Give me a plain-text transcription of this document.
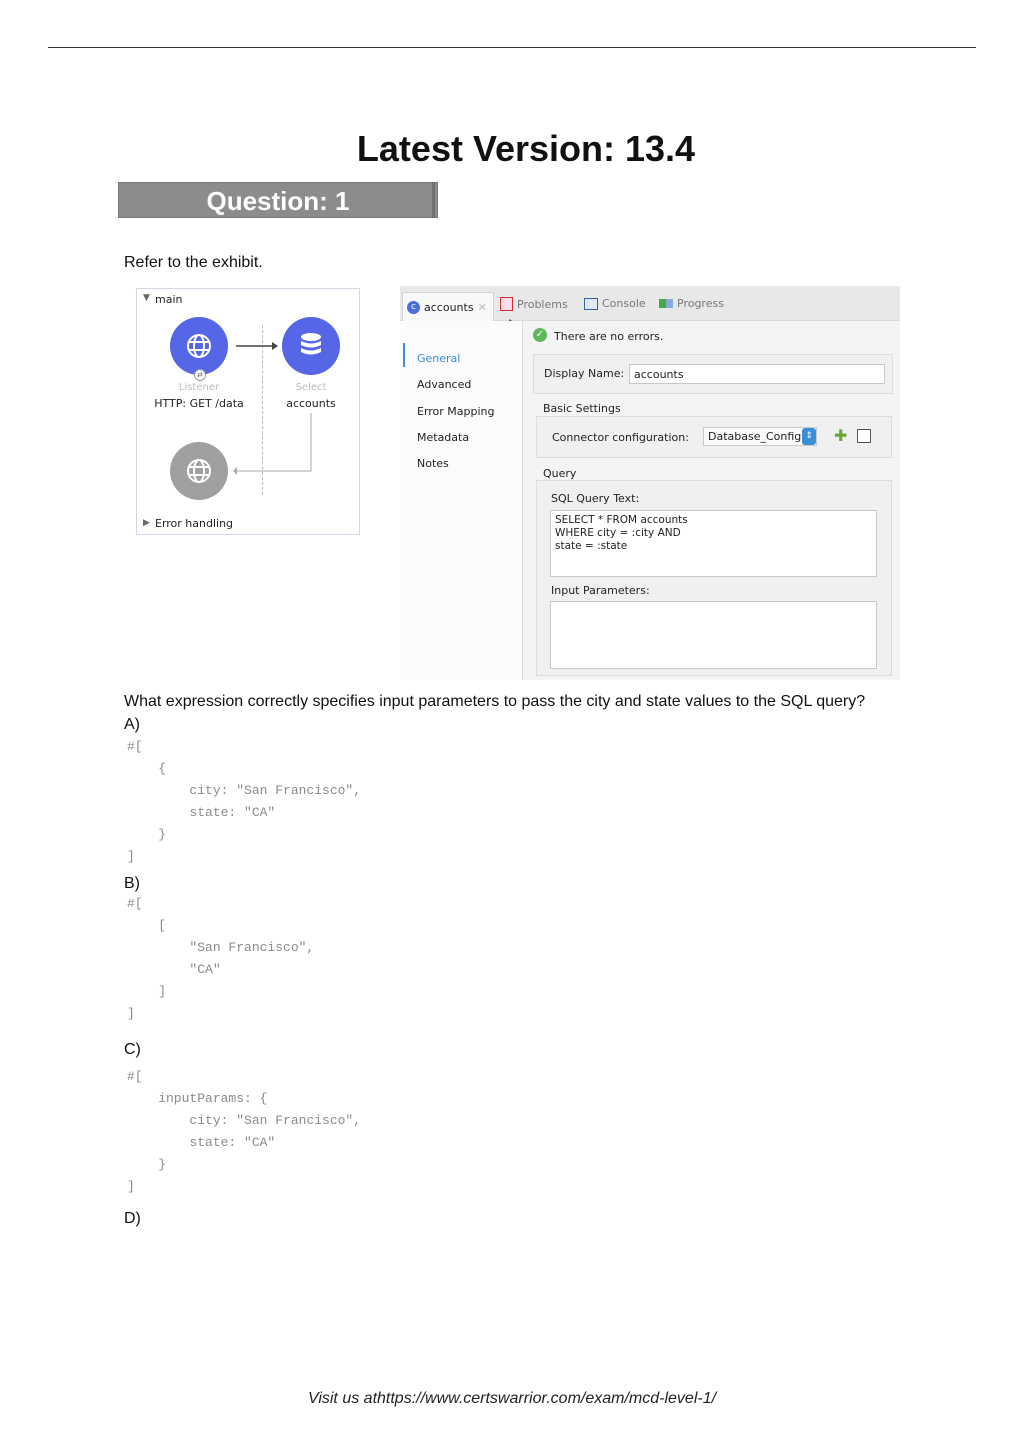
Latest Version: 13.4
Question: 1
Refer to the exhibit.
▼ main
⇄
Listener
HTTP: GET /data
Select
accounts
▶ Error handling
c accounts ✕	Problems	Console	Progress
General
Advanced
Error Mapping
Metadata
Notes
✓ There are no errors.
Display Name: accounts
Basic Settings
Connector configuration:	Database_Config ⇕ ✚
Query
SQL Query Text:
SELECT * FROM accounts
WHERE city = :city AND
state = :state
Input Parameters:
What expression correctly specifies input parameters to pass the city and state values to the SQL query?
A)
#[
{
city: "San Francisco",
state: "CA"
}
]
B)
#[
[
"San Francisco",
"CA"
]
]
C)
#[
inputParams: {
city: "San Francisco",
state: "CA"
}
]
D)
Visit us athttps://www.certswarrior.com/exam/mcd-level-1/
